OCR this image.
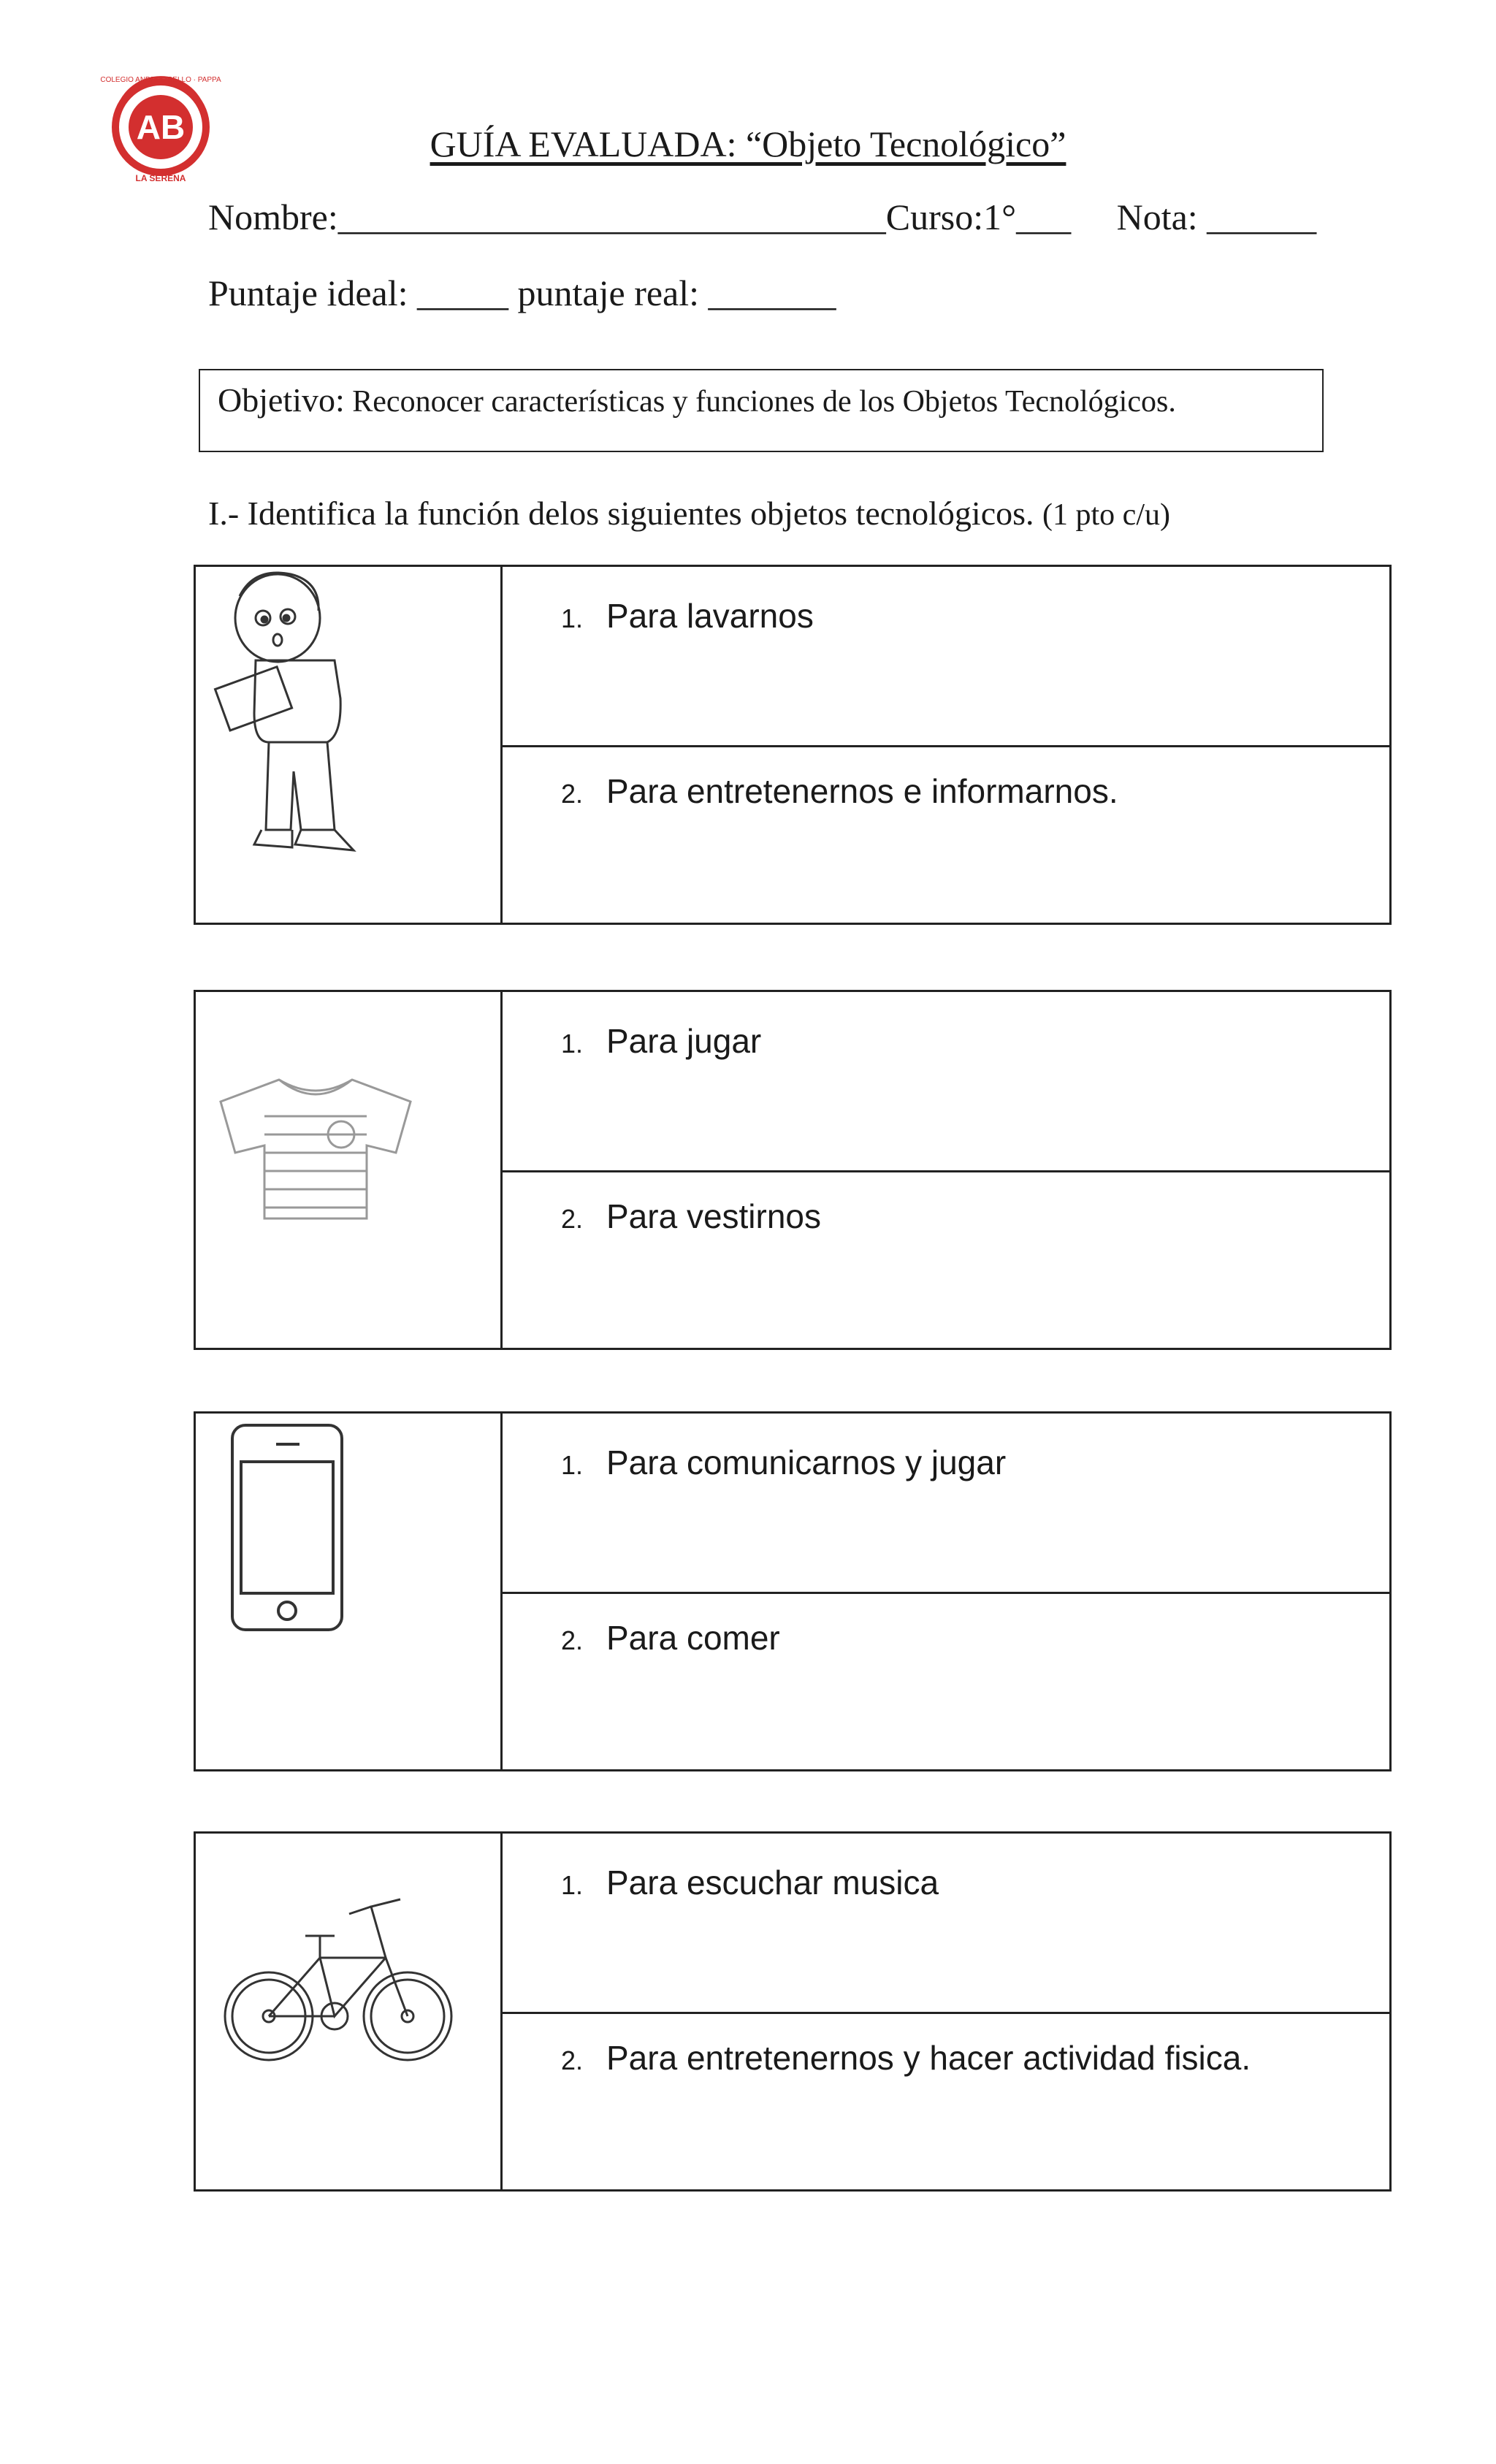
AB
COLEGIO ANDRES BELLO · PAPPA
LA SERENA
GUÍA EVALUADA: “Objeto Tecnológico”
Nombre:______________________________Curso:1°___     Nota: ______
Puntaje ideal: _____ puntaje real: _______
Objetivo: Reconocer características y funciones de los Objetos Tecnológicos.
I.- Identifica la función delos siguientes objetos tecnológicos. (1 pto c/u)
1. Para lavarnos
2. Para entretenernos e informarnos.
1. Para jugar
2. Para vestirnos
1. Para comunicarnos y jugar
2. Para comer
1. Para escuchar musica
2. Para entretenernos y hacer actividad fisica.
